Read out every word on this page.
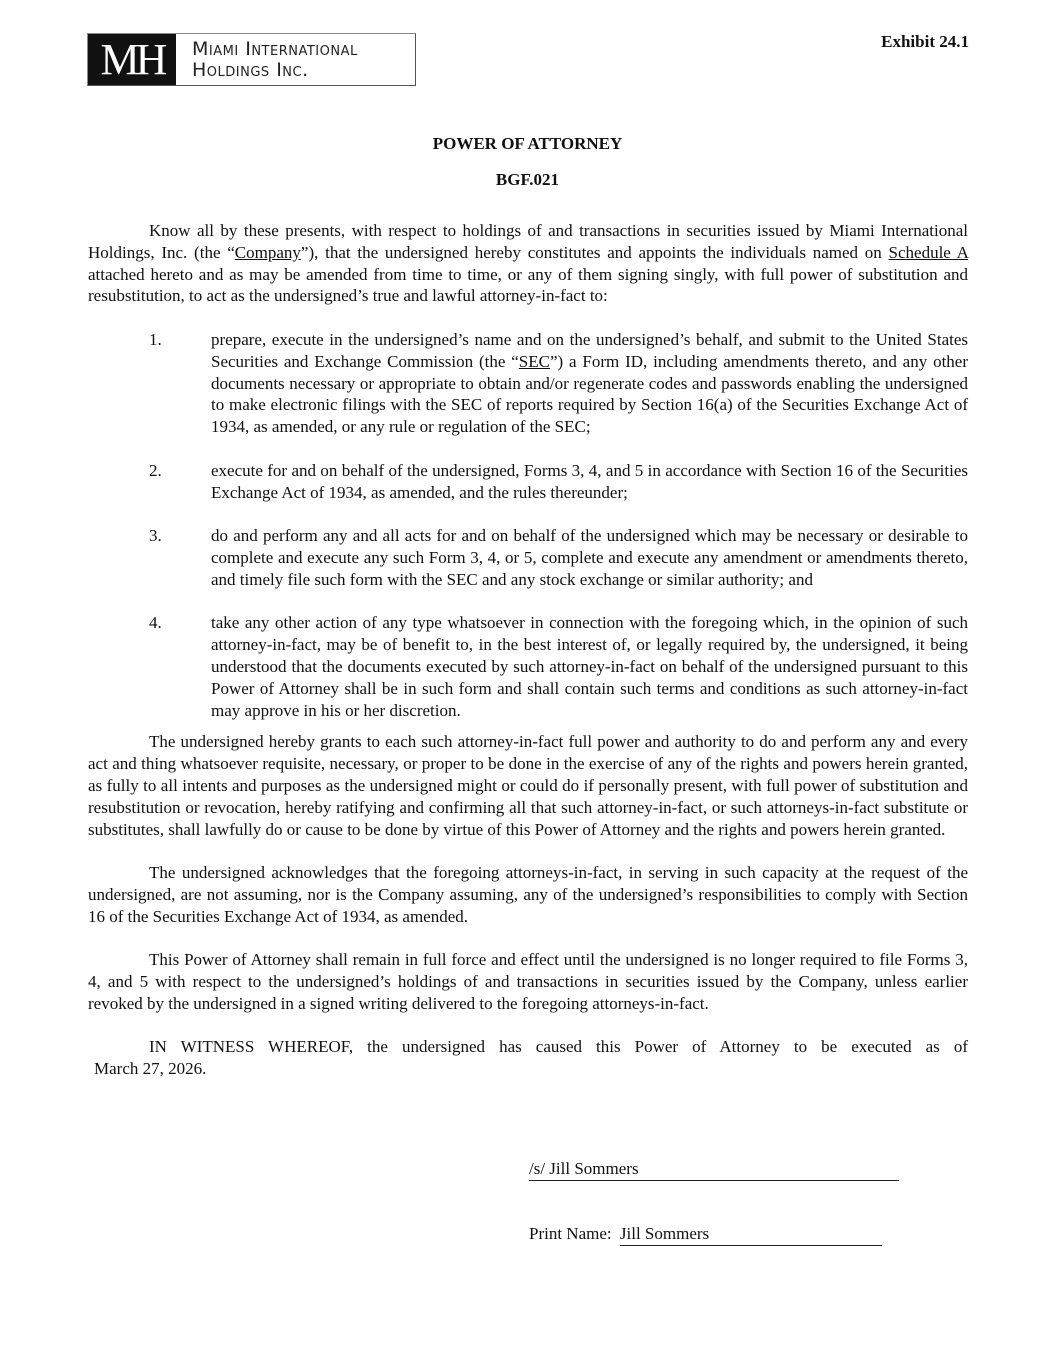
MH	Miami International
Holdings Inc.
Exhibit 24.1
POWER OF ATTORNEY
BGF.021

Know all by these presents, with respect to holdings of and transactions in securities issued by Miami International Holdings, Inc. (the “Company”), that the undersigned hereby constitutes and appoints the individuals named on Schedule A attached hereto and as may be amended from time to time, or any of them signing singly, with full power of substitution and resubstitution, to act as the undersigned’s true and lawful attorney-in-fact to:

1.	prepare, execute in the undersigned’s name and on the undersigned’s behalf, and submit to the United States Securities and Exchange Commission (the “SEC”) a Form ID, including amendments thereto, and any other documents necessary or appropriate to obtain and/or regenerate codes and passwords enabling the undersigned to make electronic filings with the SEC of reports required by Section 16(a) of the Securities Exchange Act of 1934, as amended, or any rule or regulation of the SEC;
2.	execute for and on behalf of the undersigned, Forms 3, 4, and 5 in accordance with Section 16 of the Securities Exchange Act of 1934, as amended, and the rules thereunder;
3.	do and perform any and all acts for and on behalf of the undersigned which may be necessary or desirable to complete and execute any such Form 3, 4, or 5, complete and execute any amendment or amendments thereto, and timely file such form with the SEC and any stock exchange or similar authority; and
4.	take any other action of any type whatsoever in connection with the foregoing which, in the opinion of such attorney-in-fact, may be of benefit to, in the best interest of, or legally required by, the undersigned, it being understood that the documents executed by such attorney-in-fact on behalf of the undersigned pursuant to this Power of Attorney shall be in such form and shall contain such terms and conditions as such attorney-in-fact may approve in his or her discretion.

The undersigned hereby grants to each such attorney-in-fact full power and authority to do and perform any and every act and thing whatsoever requisite, necessary, or proper to be done in the exercise of any of the rights and powers herein granted, as fully to all intents and purposes as the undersigned might or could do if personally present, with full power of substitution and resubstitution or revocation, hereby ratifying and confirming all that such attorney-in-fact, or such attorneys-in-fact substitute or substitutes, shall lawfully do or cause to be done by virtue of this Power of Attorney and the rights and powers herein granted.

The undersigned acknowledges that the foregoing attorneys-in-fact, in serving in such capacity at the request of the undersigned, are not assuming, nor is the Company assuming, any of the undersigned’s responsibilities to comply with Section 16 of the Securities Exchange Act of 1934, as amended.

This Power of Attorney shall remain in full force and effect until the undersigned is no longer required to file Forms 3, 4, and 5 with respect to the undersigned’s holdings of and transactions in securities issued by the Company, unless earlier revoked by the undersigned in a signed writing delivered to the foregoing attorneys-in-fact.

IN WITNESS WHEREOF, the undersigned has caused this Power of Attorney to be executed as of

March 27, 2026.
/s/ Jill Sommers
Print Name: Jill Sommers
